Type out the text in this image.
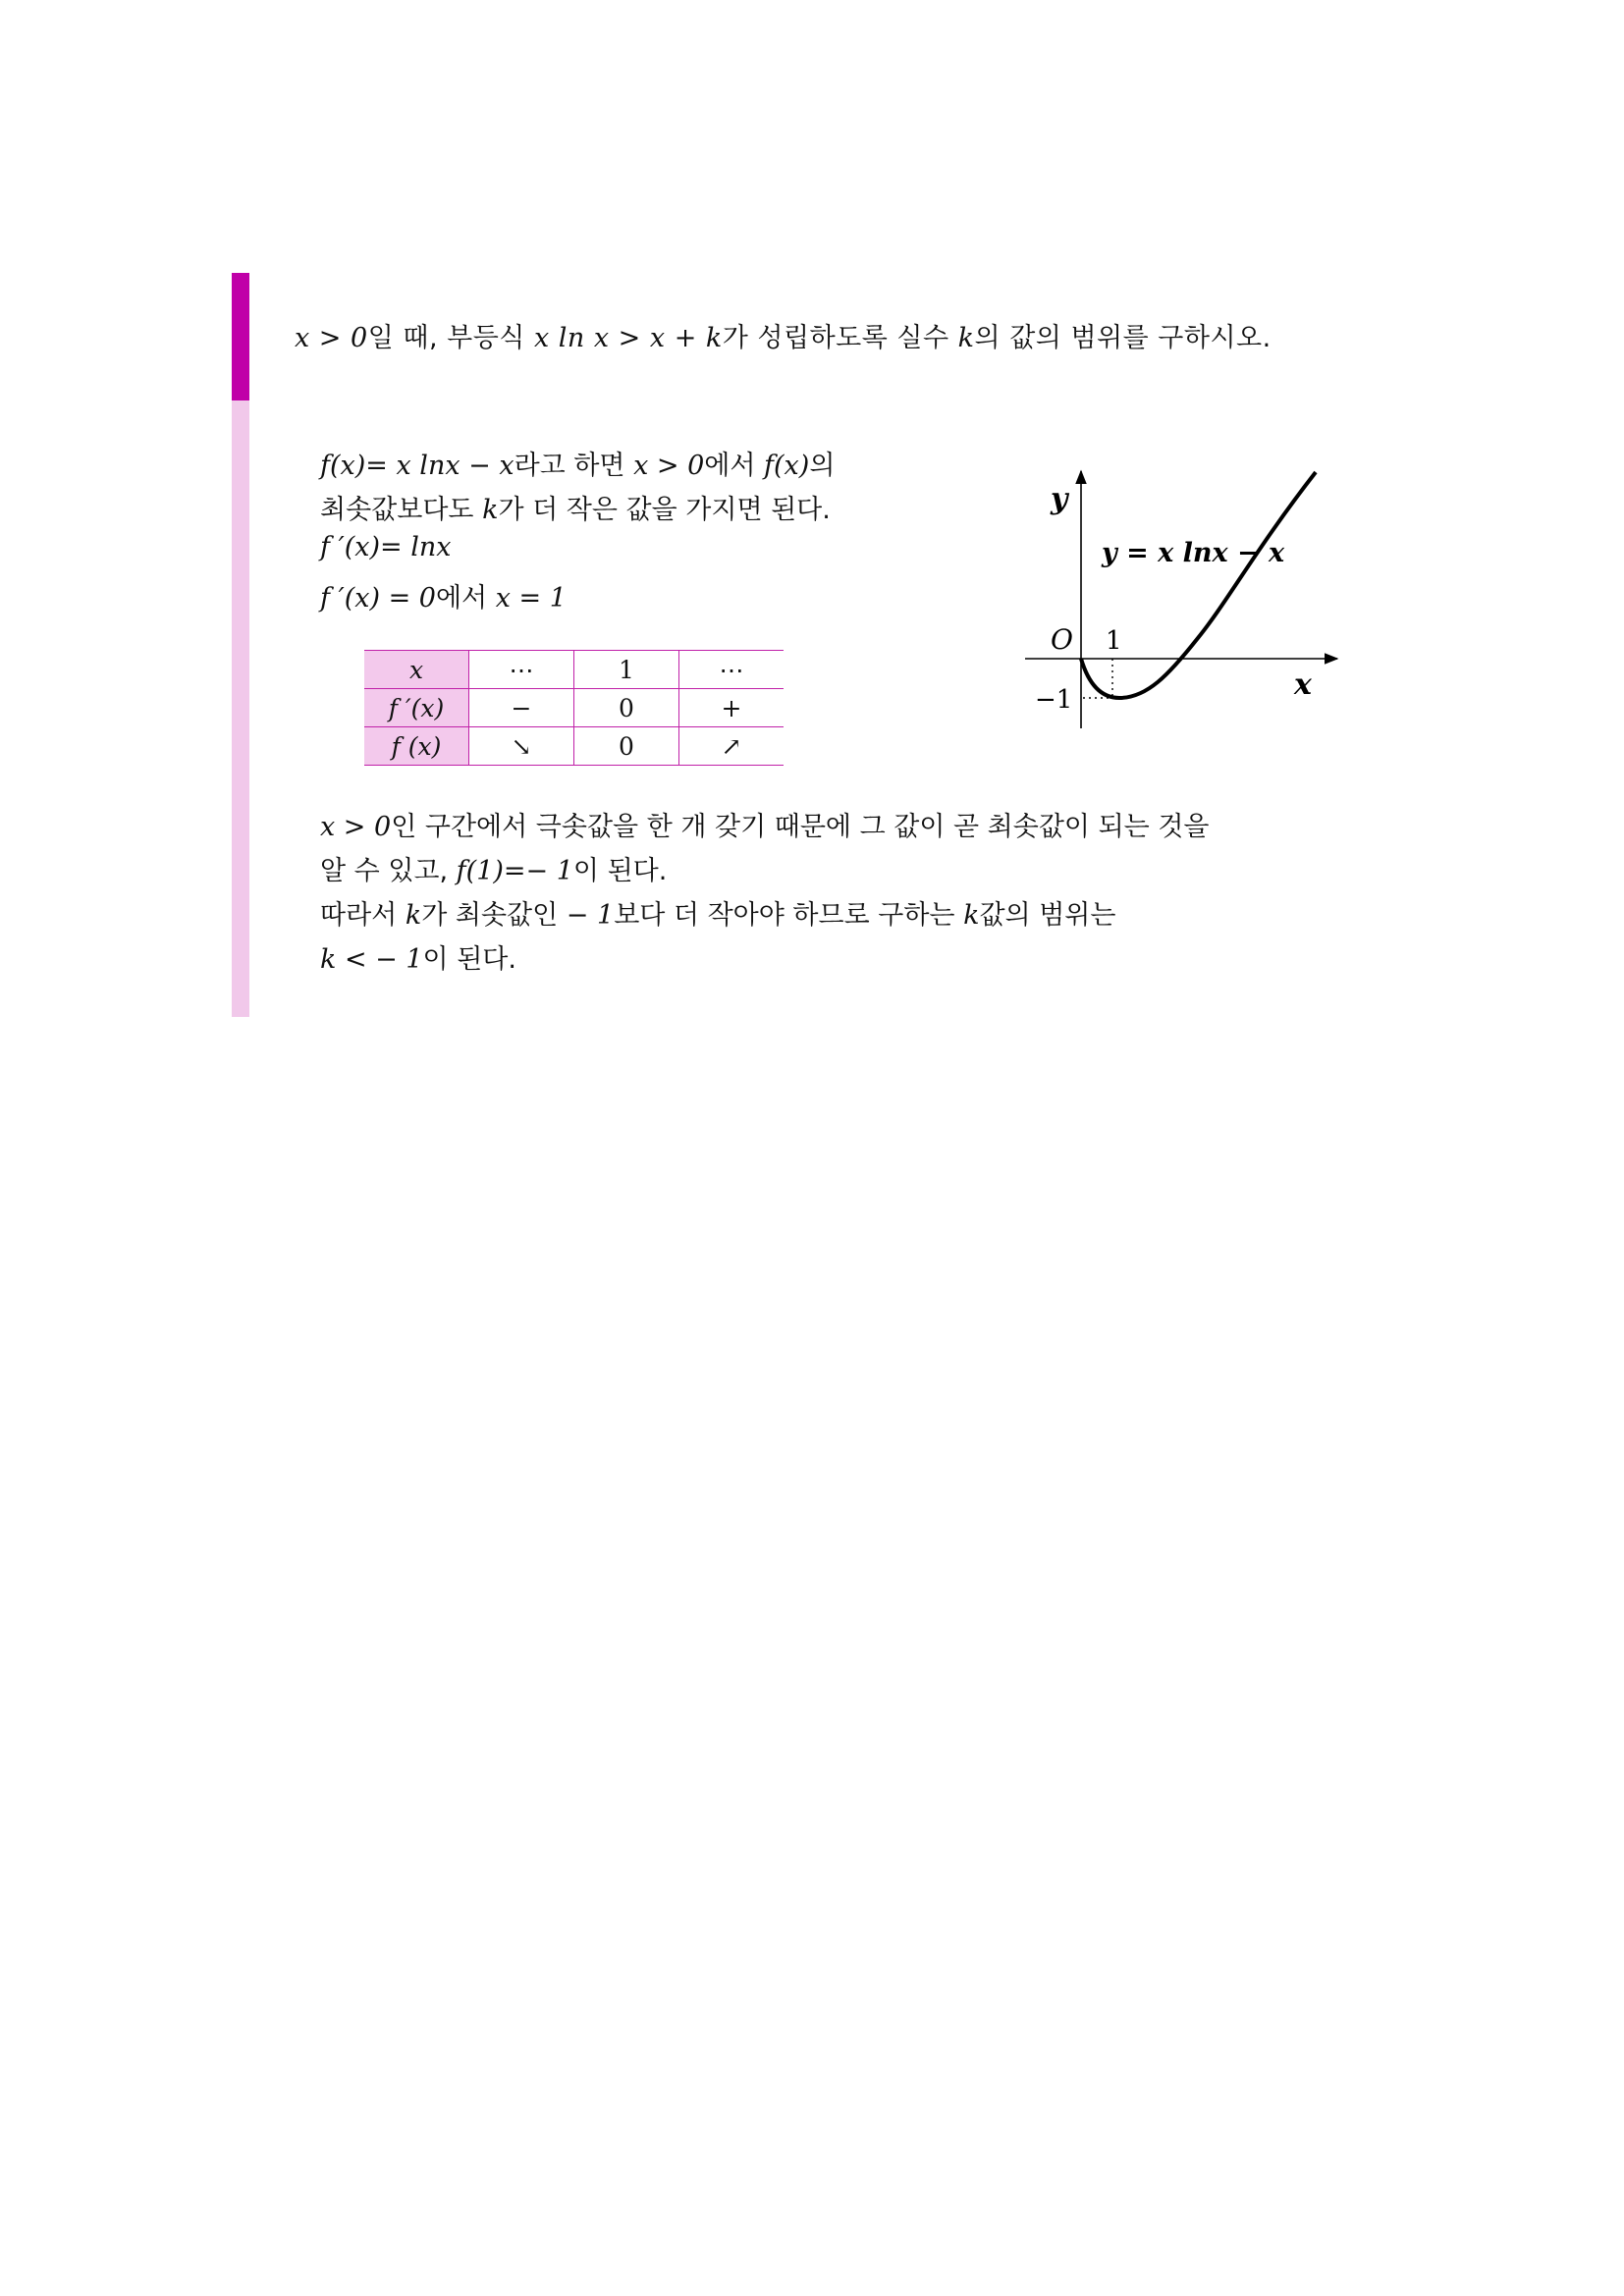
x > 0일 때, 부등식 x ln x > x + k가 성립하도록 실수 k의 값의 범위를 구하시오.
f(x)= x lnx − x라고 하면 x > 0에서 f(x)의
최솟값보다도 k가 더 작은 값을 가지면 된다.
f ′(x)= lnx
f ′(x) = 0에서 x = 1
x	⋯	1	⋯
f ′(x)	−	0	+
f (x)	↘	0	↗
y
x
O 1
−1
y = x lnx − x
x > 0인 구간에서 극솟값을 한 개 갖기 때문에 그 값이 곧 최솟값이 되는 것을
알 수 있고, f(1)=− 1이 된다.
따라서 k가 최솟값인 − 1보다 더 작아야 하므로 구하는 k값의 범위는
k < − 1이 된다.
